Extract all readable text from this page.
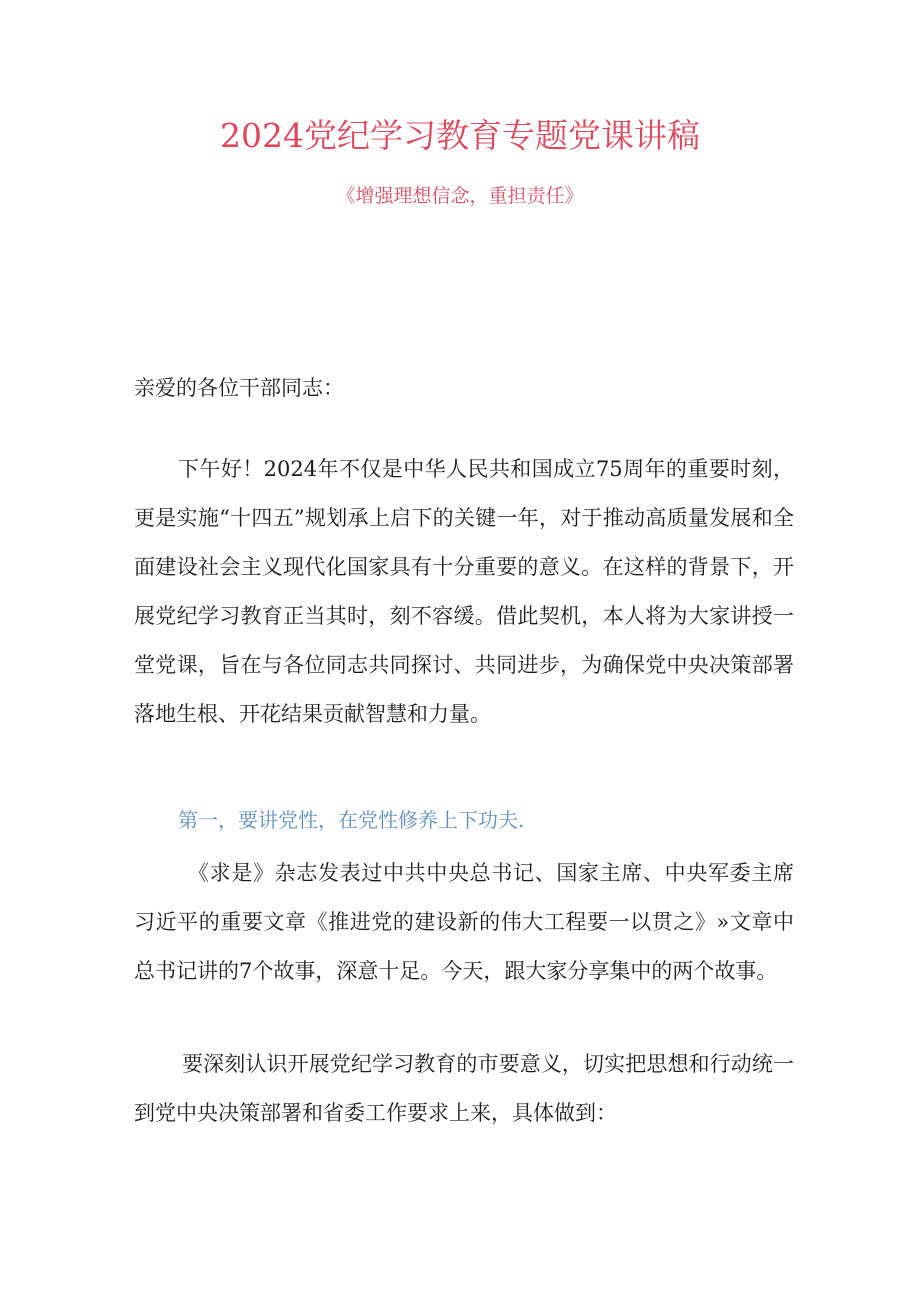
2024党纪学习教育专题党课讲稿
《增强理想信念，重担责任》

亲爱的各位干部同志：

下午好！2024年不仅是中华人民共和国成立75周年的重要时刻，更是实施“十四五”规划承上启下的关键一年，对于推动高质量发展和全面建设社会主义现代化国家具有十分重要的意义。在这样的背景下，开展党纪学习教育正当其时，刻不容缓。借此契机，本人将为大家讲授一堂党课，旨在与各位同志共同探讨、共同进步，为确保党中央决策部署落地生根、开花结果贡献智慧和力量。

第一，要讲党性，在党性修养上下功夫.

《求是》杂志发表过中共中央总书记、国家主席、中央军委主席习近平的重要文章《推进党的建设新的伟大工程要一以贯之》»文章中总书记讲的7个故事，深意十足。今天，跟大家分享集中的两个故事。

要深刻认识开展党纪学习教育的市要意义，切实把思想和行动统一到党中央决策部署和省委工作要求上来，具体做到：
